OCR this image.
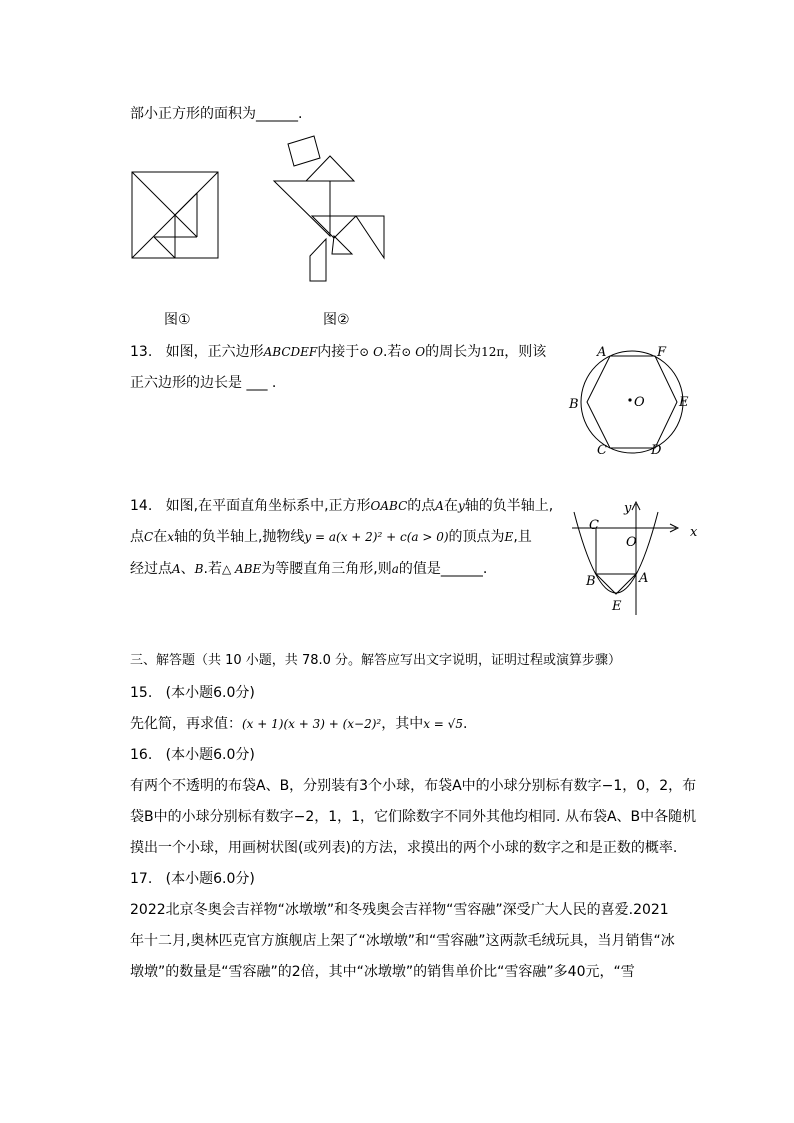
部小正方形的面积为______.
图①	图②
13. 如图，正六边形ABCDEF内接于⊙ O.若⊙ O的周长为12π，则该
正六边形的边长是 ___ .
A	F
B	O	E
C	D
14. 如图,在平面直角坐标系中,正方形OABC的点A在y轴的负半轴上,
点C在x轴的负半轴上,抛物线y = a(x + 2)² + c(a > 0)的顶点为E,且
经过点A、B.若△ ABE为等腰直角三角形,则a的值是______.
x
y
C
O
B	A
E
三、解答题（共 10 小题，共 78.0 分。解答应写出文字说明，证明过程或演算步骤）
15. (本小题6.0分)
先化简，再求值：(x + 1)(x + 3) + (x−2)²，其中x = √5.
16. (本小题6.0分)
有两个不透明的布袋A、B，分别装有3个小球，布袋A中的小球分别标有数字−1，0，2，布
袋B中的小球分别标有数字−2，1，1，它们除数字不同外其他均相同. 从布袋A、B中各随机
摸出一个小球，用画树状图(或列表)的方法，求摸出的两个小球的数字之和是正数的概率.
17. (本小题6.0分)
2022北京冬奥会吉祥物“冰墩墩”和冬残奥会吉祥物“雪容融”深受广大人民的喜爱.2021
年十二月,奥林匹克官方旗舰店上架了“冰墩墩”和“雪容融”这两款毛绒玩具，当月销售“冰
墩墩”的数量是“雪容融”的2倍，其中“冰墩墩”的销售单价比“雪容融”多40元，“雪
